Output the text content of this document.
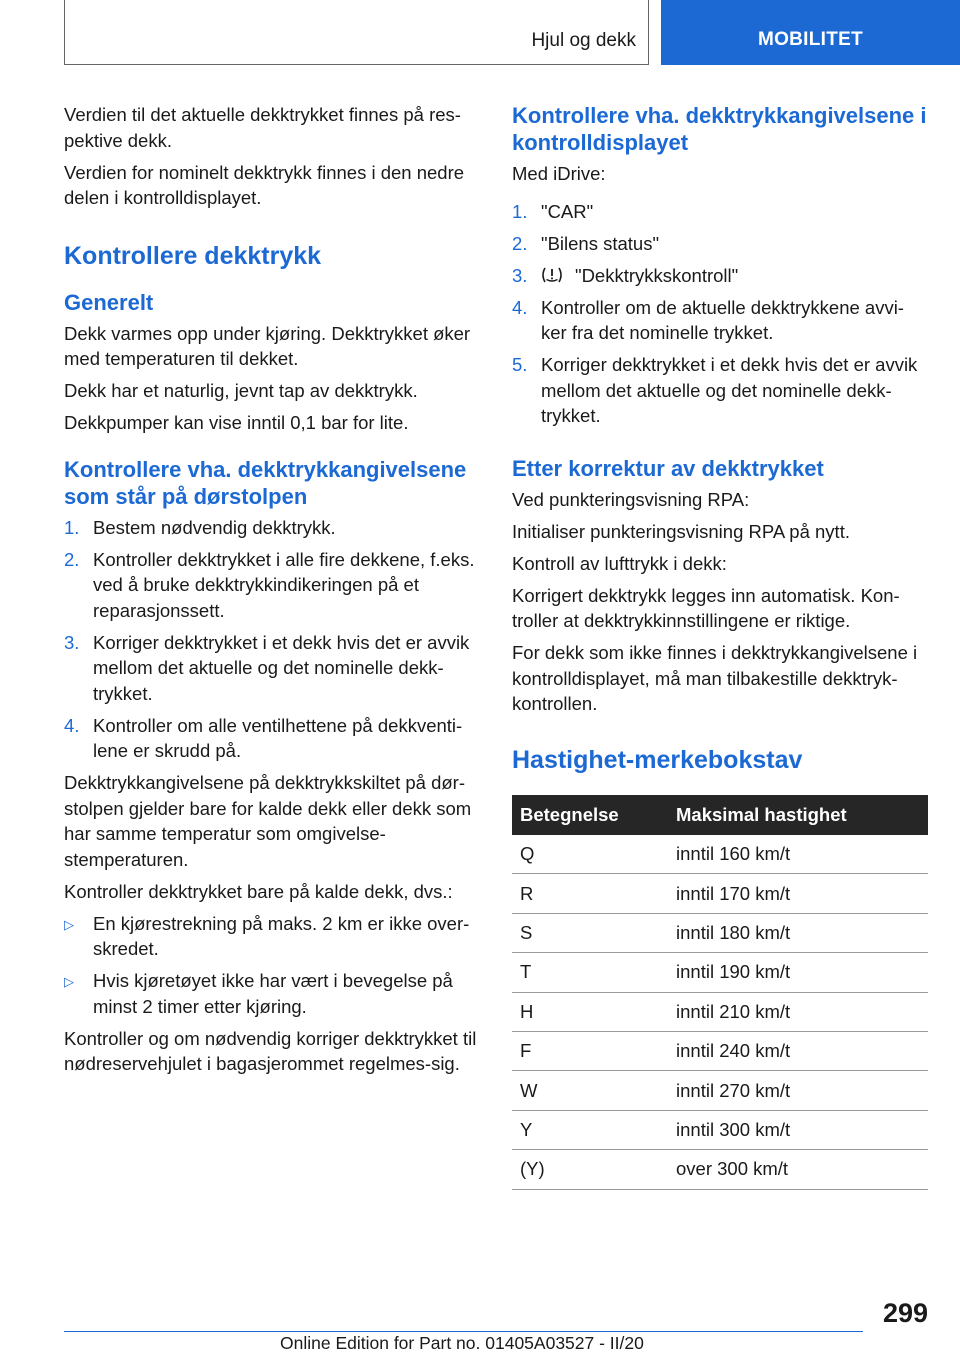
Hjul og dekk	MOBILITET

Verdien til det aktuelle dekktrykket finnes på res-pektive dekk.

Verdien for nominelt dekktrykk finnes i den nedre delen i kontrolldisplayet.

Kontrollere dekktrykk
Generelt

Dekk varmes opp under kjøring. Dekktrykket øker med temperaturen til dekket.

Dekk har et naturlig, jevnt tap av dekktrykk.

Dekkpumper kan vise inntil 0,1 bar for lite.

Kontrollere vha. dekktrykkangivelsene som står på dørstolpen
1. Bestem nødvendig dekktrykk.
2. Kontroller dekktrykket i alle fire dekkene, f.eks. ved å bruke dekktrykkindikeringen på et reparasjonssett.
3. Korriger dekktrykket i et dekk hvis det er avvik mellom det aktuelle og det nominelle dekk-trykket.
4. Kontroller om alle ventilhettene på dekkventi-lene er skrudd på.

Dekktrykkangivelsene på dekktrykkskiltet på dør-stolpen gjelder bare for kalde dekk eller dekk som har samme temperatur som omgivelse-stemperaturen.

Kontroller dekktrykket bare på kalde dekk, dvs.:

▷	En kjørestrekning på maks. 2 km er ikke over-skredet.
▷	Hvis kjøretøyet ikke har vært i bevegelse på minst 2 timer etter kjøring.

Kontroller og om nødvendig korriger dekktrykket til nødreservehjulet i bagasjerommet regelmes-sig.

Kontrollere vha. dekktrykkangivelsene i kontrolldisplayet

Med iDrive:

1. "CAR"
2. "Bilens status"
3.	"Dekktrykkskontroll"
4. Kontroller om de aktuelle dekktrykkene avvi-ker fra det nominelle trykket.
5. Korriger dekktrykket i et dekk hvis det er avvik mellom det aktuelle og det nominelle dekk-trykket.
Etter korrektur av dekktrykket

Ved punkteringsvisning RPA:

Initialiser punkteringsvisning RPA på nytt.

Kontroll av lufttrykk i dekk:

Korrigert dekktrykk legges inn automatisk. Kon-troller at dekktrykkinnstillingene er riktige.

For dekk som ikke finnes i dekktrykkangivelsene i kontrolldisplayet, må man tilbakestille dekktryk-kontrollen.

Hastighet-merkebokstav
Betegnelse	Maksimal hastighet
Q	inntil 160 km/t
R	inntil 170 km/t
S	inntil 180 km/t
T	inntil 190 km/t
H	inntil 210 km/t
F	inntil 240 km/t
W	inntil 270 km/t
Y	inntil 300 km/t
(Y)	over 300 km/t
299
Online Edition for Part no. 01405A03527 - II/20
